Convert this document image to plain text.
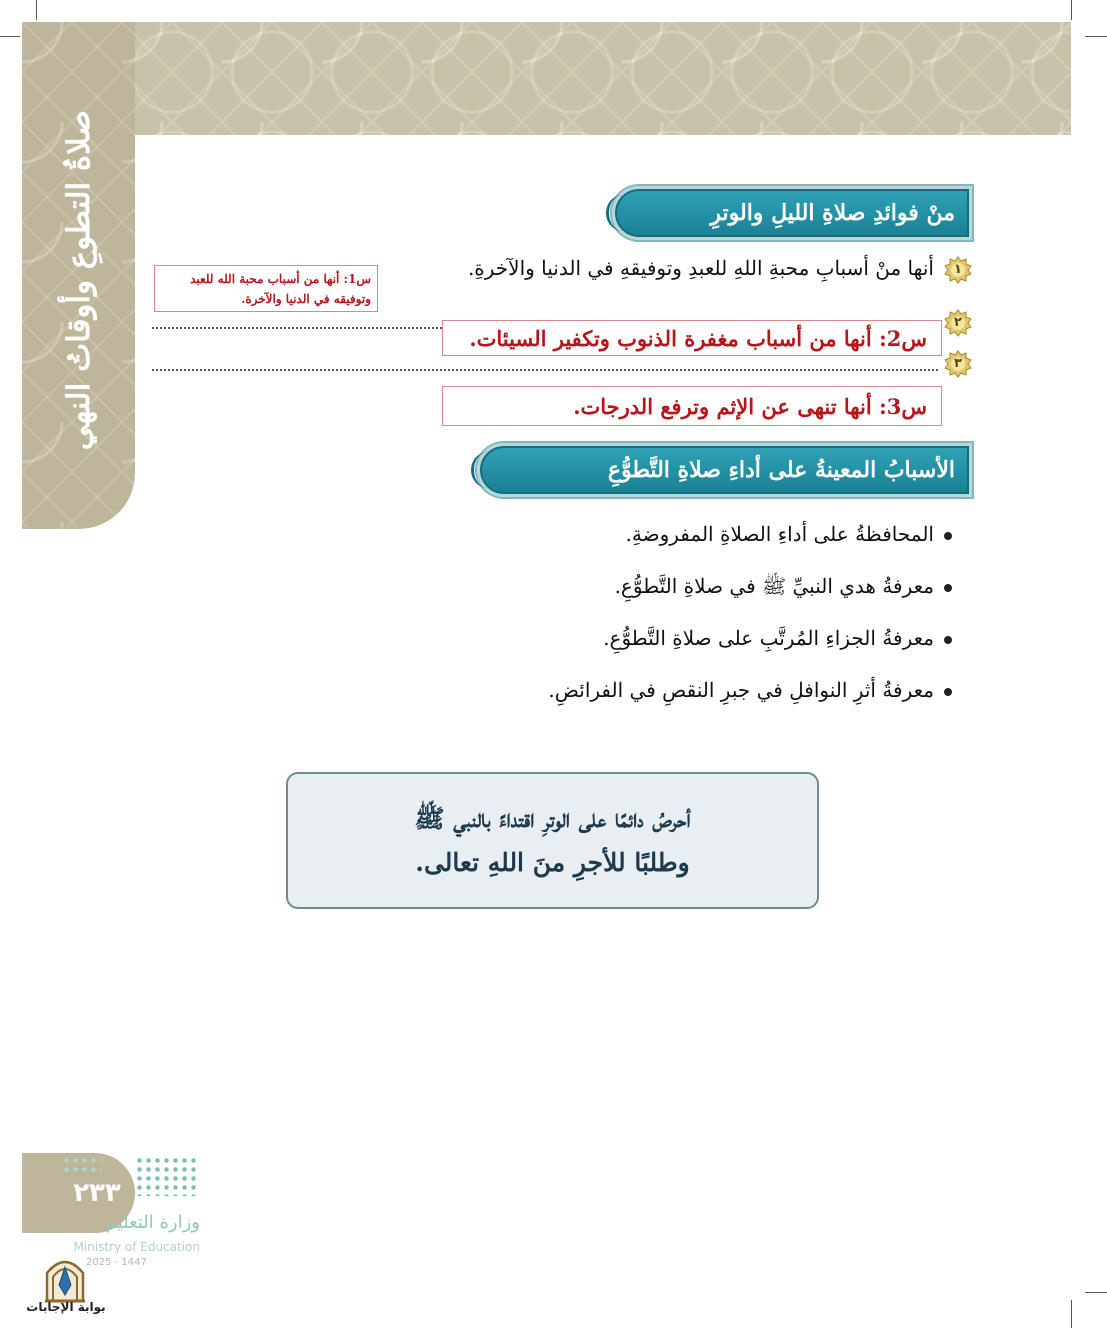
صلاةُ التطوعِ وأوقاتُ النهي	منْ فوائدِ صلاةِ الليلِ والوترِ
١
أنها منْ أسبابِ محبةِ اللهِ للعبدِ وتوفيقهِ في الدنيا والآخرةِ.
س1: أنها من أسباب محبة الله للعبد
وتوفيقه في الدنيا والآخرة.
٢
س2: أنها من أسباب مغفرة الذنوب وتكفير السيئات.
٣
س3: أنها تنهى عن الإثم وترفع الدرجات.
الأسبابُ المعينةُ على أداءِ صلاةِ التَّطوُّعِ
المحافظةُ على أداءِ الصلاةِ المفروضةِ.
معرفةُ هدي النبيِّ ﷺ في صلاةِ التَّطوُّعِ.
معرفةُ الجزاءِ المُرتَّبِ على صلاةِ التَّطوُّعِ.
معرفةُ أثرِ النوافلِ في جبرِ النقصِ في الفرائضِ.
أحرصُ دائمًا على الوترِ اقتداءً بالنبي ﷺ
وطلبًا للأجرِ منَ اللهِ تعالى.
٢٣٣
وزارة التعليم
Ministry of Education
2025 - 1447
بوابة الإجابات
